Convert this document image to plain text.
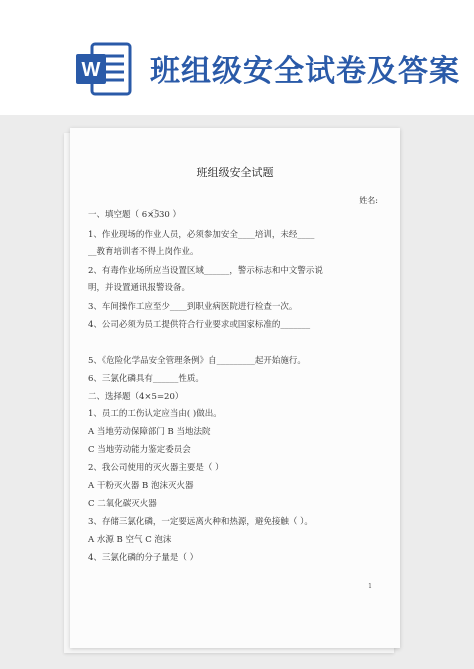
W 班组级安全试卷及答案
班组级安全试题
姓名:
一、填空题（ 6×5⃝30 ）
1、作业现场的作业人员，必须参加安全____培训，未经____
__教育培训者不得上岗作业。
2、有毒作业场所应当设置区域______，警示标志和中文警示说
明，并设置通讯报警设备。
3、车间操作工应至少____到职业病医院进行检查一次。
4、公司必须为员工提供符合行业要求或国家标准的_______
5、《危险化学品安全管理条例》自_________起开始施行。
6、三氯化磷具有______性质。
二、选择题（4×5=20）
1、员工的工伤认定应当由( )做出。
A 当地劳动保障部门 B 当地法院
C 当地劳动能力鉴定委员会
2、我公司使用的灭火器主要是（ ）
A 干粉灭火器 B 泡沫灭火器
C 二氧化碳灭火器
3、存储三氯化磷，一定要远离火种和热源，避免接触（ ）。
A 水源 B 空气 C 泡沫
4、三氯化磷的分子量是（ ）
1
